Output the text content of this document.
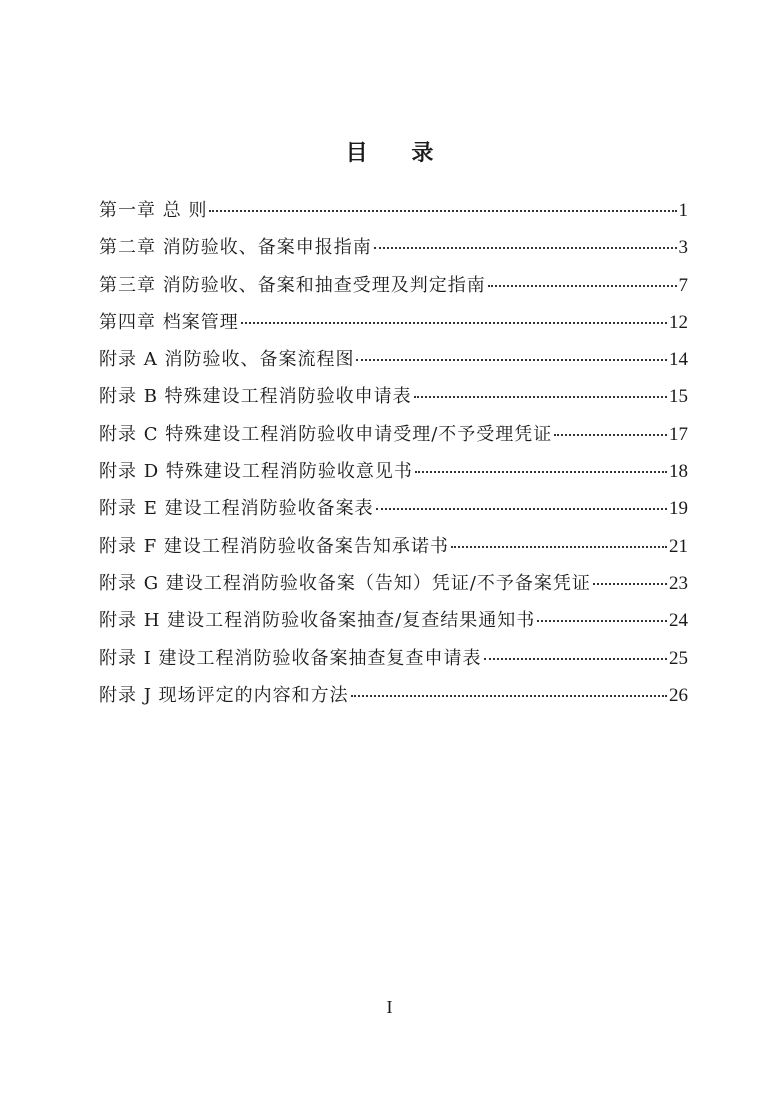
目 录
第一章 总 则	1
第二章 消防验收、备案申报指南	3
第三章 消防验收、备案和抽查受理及判定指南	7
第四章 档案管理	12
附录 A 消防验收、备案流程图	14
附录 B 特殊建设工程消防验收申请表	15
附录 C 特殊建设工程消防验收申请受理/不予受理凭证	17
附录 D 特殊建设工程消防验收意见书	18
附录 E 建设工程消防验收备案表	19
附录 F 建设工程消防验收备案告知承诺书	21
附录 G 建设工程消防验收备案（告知）凭证/不予备案凭证	23
附录 H 建设工程消防验收备案抽查/复查结果通知书	24
附录 I 建设工程消防验收备案抽查复查申请表	25
附录 J 现场评定的内容和方法	26
I
